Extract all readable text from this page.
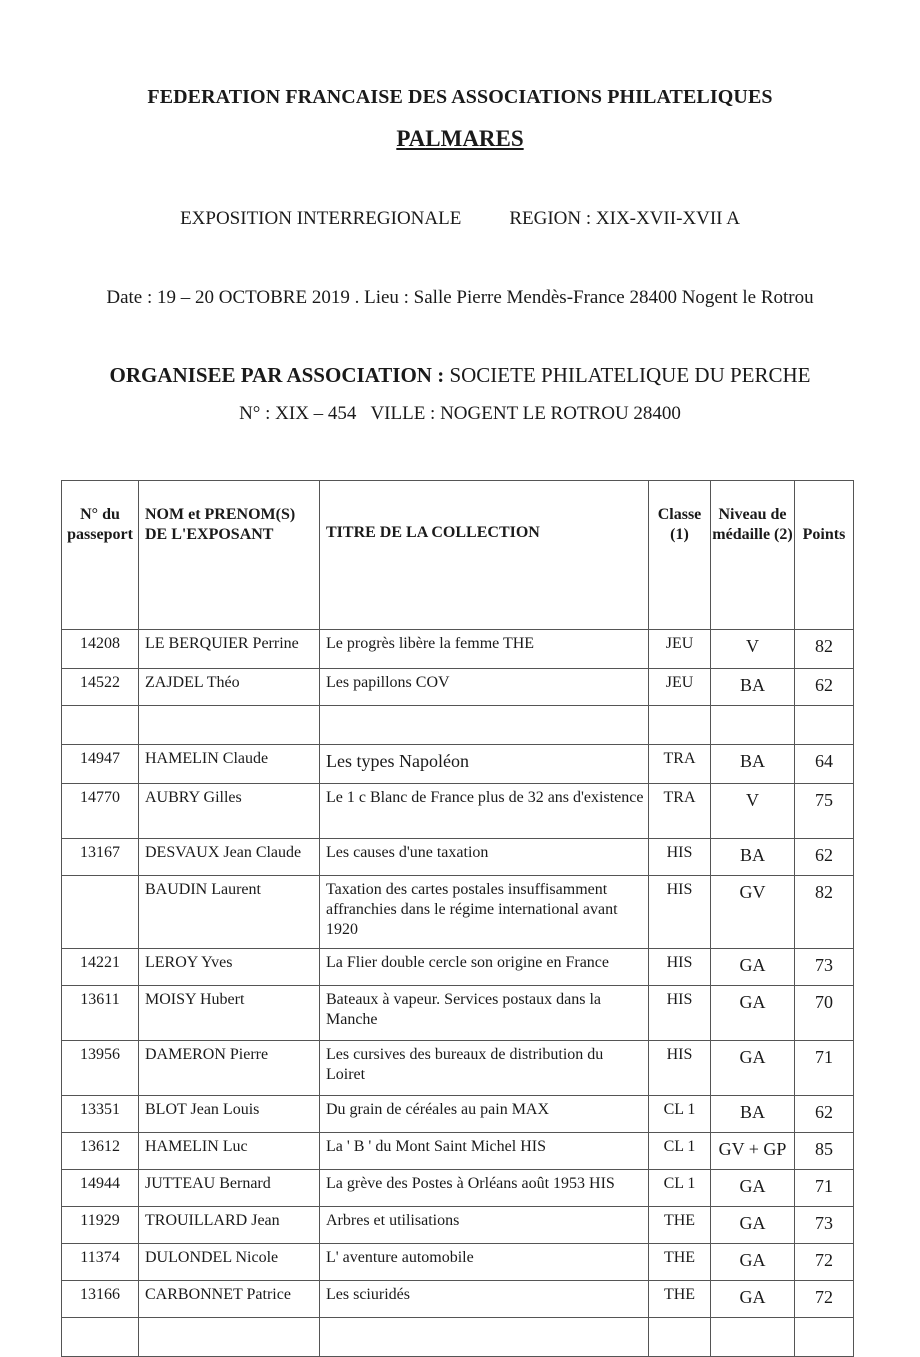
FEDERATION FRANCAISE DES ASSOCIATIONS PHILATELIQUES
PALMARES
EXPOSITION INTERREGIONALE	REGION : XIX-XVII-XVII A
Date : 19 – 20 OCTOBRE 2019 . Lieu : Salle Pierre Mendès-France 28400 Nogent le Rotrou
ORGANISEE PAR ASSOCIATION : SOCIETE PHILATELIQUE DU PERCHE
N° : XIX – 454 VILLE : NOGENT LE ROTROU 28400
N° du passeport	NOM et PRENOM(S) DE L'EXPOSANT	TITRE DE LA COLLECTION	Classe (1)	Niveau de médaille (2)	Points
14208	LE BERQUIER Perrine	Le progrès libère la femme THE	JEU	V	82
14522	ZAJDEL Théo	Les papillons COV	JEU	BA	62

14947	HAMELIN Claude	Les types Napoléon	TRA	BA	64
14770	AUBRY Gilles	Le 1 c Blanc de France plus de 32 ans d'existence	TRA	V	75
13167	DESVAUX Jean Claude	Les causes d'une taxation	HIS	BA	62
	BAUDIN Laurent	Taxation des cartes postales insuffisamment affranchies dans le régime international avant 1920	HIS	GV	82
14221	LEROY Yves	La Flier double cercle son origine en France	HIS	GA	73
13611	MOISY Hubert	Bateaux à vapeur. Services postaux dans la Manche	HIS	GA	70
13956	DAMERON Pierre	Les cursives des bureaux de distribution du Loiret	HIS	GA	71
13351	BLOT Jean Louis	Du grain de céréales au pain MAX	CL 1	BA	62
13612	HAMELIN Luc	La ' B ' du Mont Saint Michel HIS	CL 1	GV + GP	85
14944	JUTTEAU Bernard	La grève des Postes à Orléans août 1953 HIS	CL 1	GA	71
11929	TROUILLARD Jean	Arbres et utilisations	THE	GA	73
11374	DULONDEL Nicole	L' aventure automobile	THE	GA	72
13166	CARBONNET Patrice	Les sciuridés	THE	GA	72
